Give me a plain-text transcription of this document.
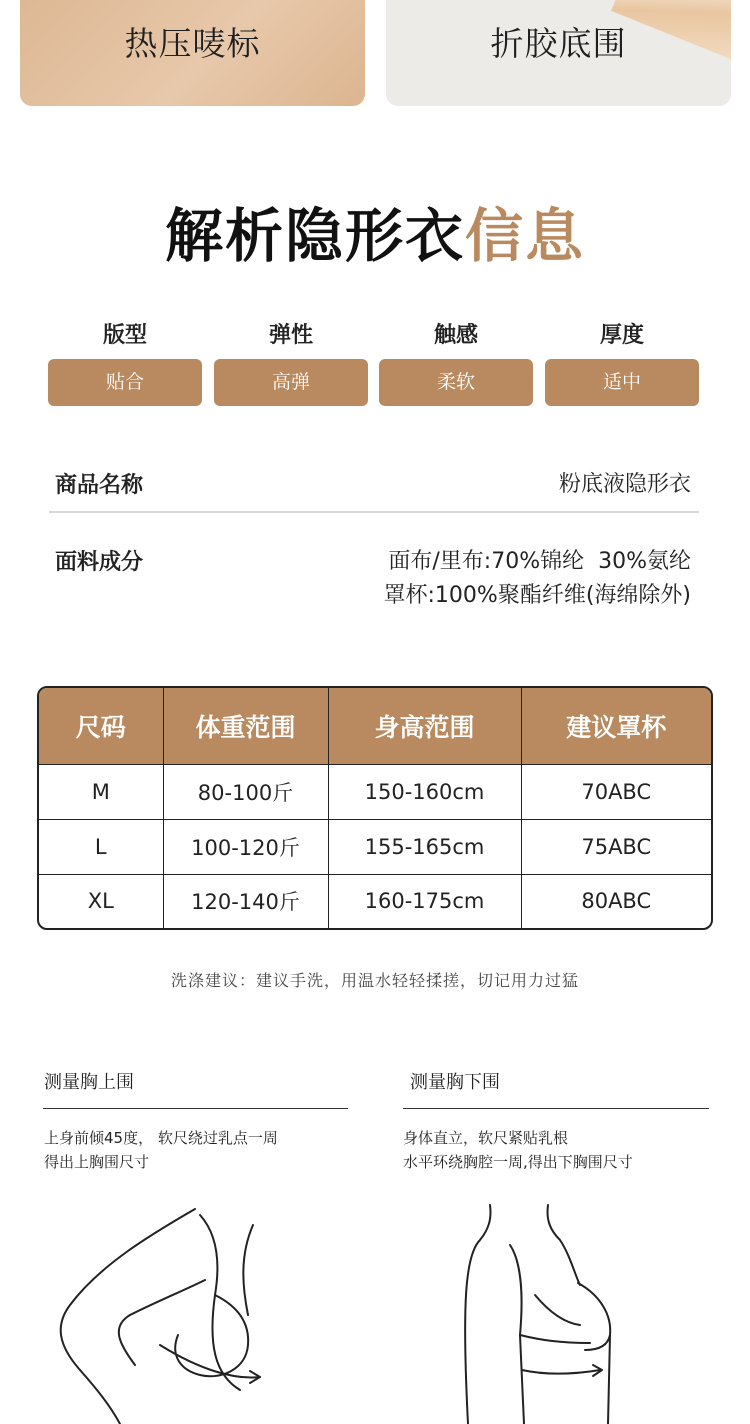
热压唛标	折胶底围
解析隐形衣信息
版型	弹性	触感	厚度
贴合	高弹	柔软	适中
商品名称	粉底液隐形衣
面料成分	面布/里布:70%锦纶  30%氨纶
罩杯:100%聚酯纤维(海绵除外)
尺码	体重范围	身高范围	建议罩杯
M	80-100斤	150-160cm	70ABC
L	100-120斤	155-165cm	75ABC
XL	120-140斤	160-175cm	80ABC
洗涤建议：建议手洗，用温水轻轻揉搓，切记用力过猛
测量胸上围
上身前倾45度， 软尺绕过乳点一周
得出上胸围尺寸
测量胸下围
身体直立，软尺紧贴乳根
水平环绕胸腔一周,得出下胸围尺寸
